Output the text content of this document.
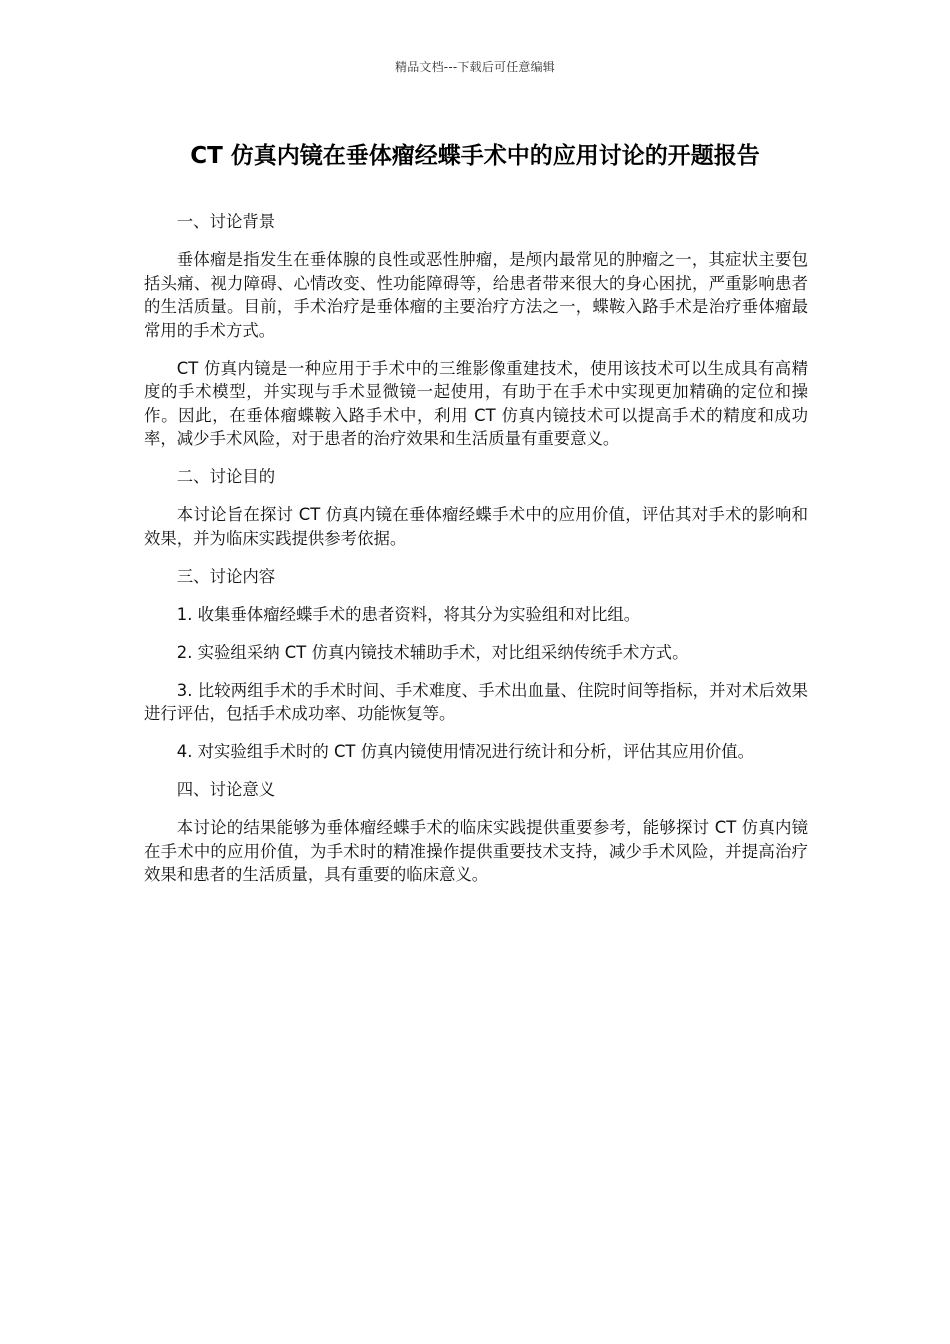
精品文档---下载后可任意编辑
CT 仿真内镜在垂体瘤经蝶手术中的应用讨论的开题报告

一、讨论背景

垂体瘤是指发生在垂体腺的良性或恶性肿瘤，是颅内最常见的肿瘤之一，其症状主要包括头痛、视力障碍、心情改变、性功能障碍等，给患者带来很大的身心困扰，严重影响患者的生活质量。目前，手术治疗是垂体瘤的主要治疗方法之一，蝶鞍入路手术是治疗垂体瘤最常用的手术方式。

CT 仿真内镜是一种应用于手术中的三维影像重建技术，使用该技术可以生成具有高精度的手术模型，并实现与手术显微镜一起使用，有助于在手术中实现更加精确的定位和操作。因此，在垂体瘤蝶鞍入路手术中，利用 CT 仿真内镜技术可以提高手术的精度和成功率，减少手术风险，对于患者的治疗效果和生活质量有重要意义。

二、讨论目的

本讨论旨在探讨 CT 仿真内镜在垂体瘤经蝶手术中的应用价值，评估其对手术的影响和效果，并为临床实践提供参考依据。

三、讨论内容

1. 收集垂体瘤经蝶手术的患者资料，将其分为实验组和对比组。

2. 实验组采纳 CT 仿真内镜技术辅助手术，对比组采纳传统手术方式。

3. 比较两组手术的手术时间、手术难度、手术出血量、住院时间等指标，并对术后效果进行评估，包括手术成功率、功能恢复等。

4. 对实验组手术时的 CT 仿真内镜使用情况进行统计和分析，评估其应用价值。

四、讨论意义

本讨论的结果能够为垂体瘤经蝶手术的临床实践提供重要参考，能够探讨 CT 仿真内镜在手术中的应用价值，为手术时的精准操作提供重要技术支持，减少手术风险，并提高治疗效果和患者的生活质量，具有重要的临床意义。
